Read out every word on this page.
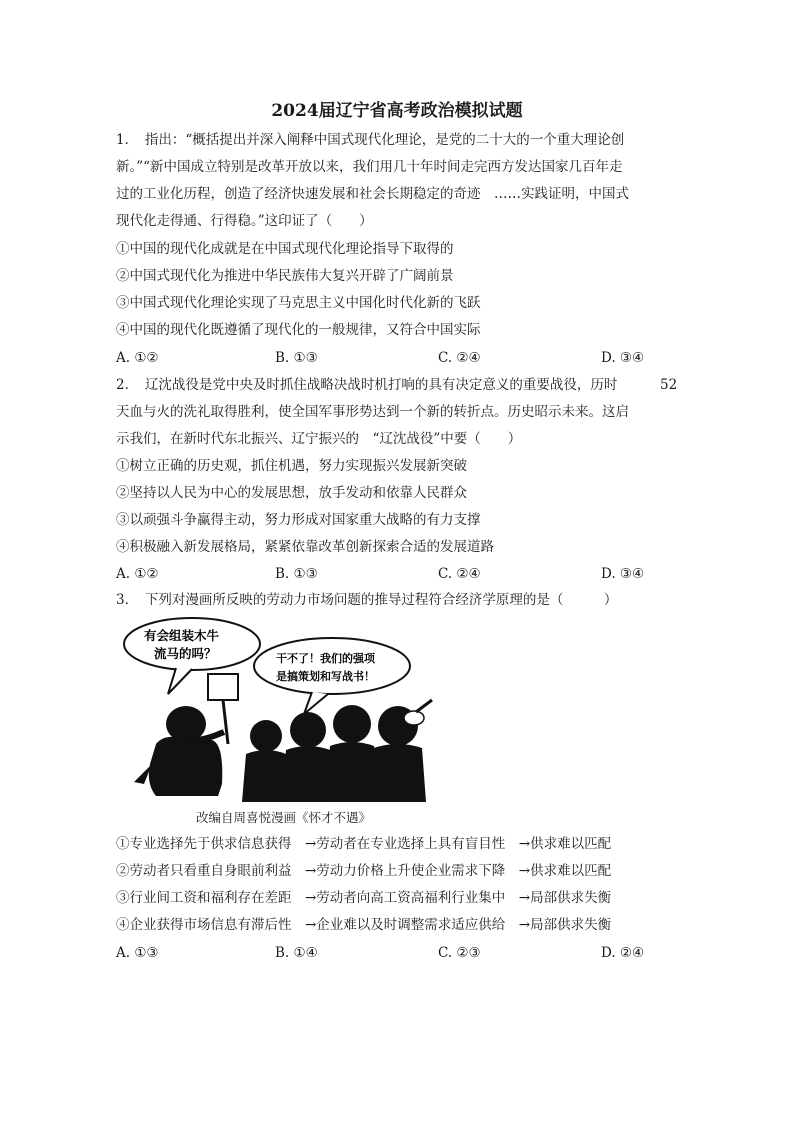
2024届辽宁省高考政治模拟试题
1．　指出：“概括提出并深入阐释中国式现代化理论，是党的二十大的一个重大理论创
新。”“新中国成立特别是改革开放以来，我们用几十年时间走完西方发达国家几百年走
过的工业化历程，创造了经济快速发展和社会长期稳定的奇迹　……实践证明，中国式
现代化走得通、行得稳。”这印证了（　　）
①中国的现代化成就是在中国式现代化理论指导下取得的
②中国式现代化为推进中华民族伟大复兴开辟了广阔前景
③中国式现代化理论实现了马克思主义中国化时代化新的飞跃
④中国的现代化既遵循了现代化的一般规律，又符合中国实际
A. ①②	B. ①③	C. ②④	D. ③④
2．　辽沈战役是党中央及时抓住战略决战时机打响的具有决定意义的重要战役，历时	52
天血与火的洗礼取得胜利，使全国军事形势达到一个新的转折点。历史昭示未来。这启
示我们，在新时代东北振兴、辽宁振兴的　“辽沈战役”中要（　　）
①树立正确的历史观，抓住机遇，努力实现振兴发展新突破
②坚持以人民为中心的发展思想，放手发动和依靠人民群众
③以顽强斗争赢得主动，努力形成对国家重大战略的有力支撑
④积极融入新发展格局，紧紧依靠改革创新探索合适的发展道路
A. ①②	B. ①③	C. ②④	D. ③④
3．　下列对漫画所反映的劳动力市场问题的推导过程符合经济学原理的是（　　　）
有会组装木牛
流马的吗？	干不了！我们的强项
是搞策划和写战书！
改编自周喜悦漫画《怀才不遇》
①专业选择先于供求信息获得　→劳动者在专业选择上具有盲目性　→供求难以匹配
②劳动者只看重自身眼前利益　→劳动力价格上升使企业需求下降　→供求难以匹配
③行业间工资和福利存在差距　→劳动者向高工资高福利行业集中　→局部供求失衡
④企业获得市场信息有滞后性　→企业难以及时调整需求适应供给　→局部供求失衡
A. ①③	B. ①④	C. ②③	D. ②④
